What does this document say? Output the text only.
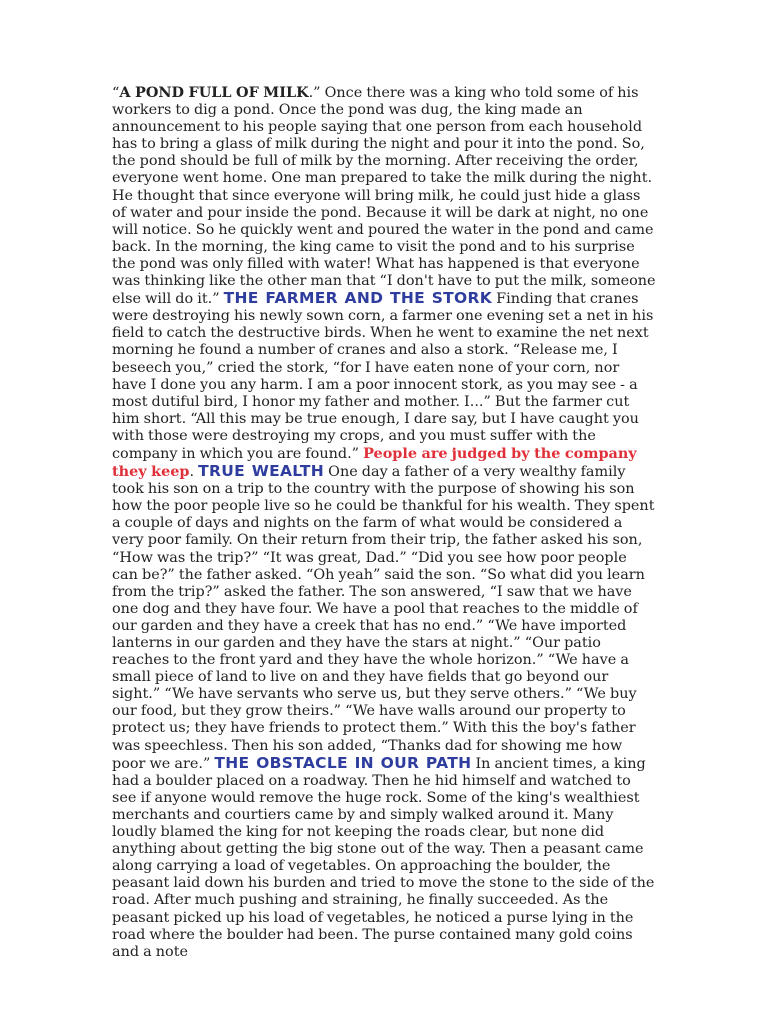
“A POND FULL OF MILK.” Once there was a king who told some of his workers to dig a pond. Once the pond was dug, the king made an announcement to his people saying that one person from each household has to bring a glass of milk during the night and pour it into the pond. So, the pond should be full of milk by the morning. After receiving the order, everyone went home. One man prepared to take the milk during the night. He thought that since everyone will bring milk, he could just hide a glass of water and pour inside the pond. Because it will be dark at night, no one will notice. So he quickly went and poured the water in the pond and came back. In the morning, the king came to visit the pond and to his surprise the pond was only filled with water! What has happened is that everyone was thinking like the other man that “I don't have to put the milk, someone else will do it.” THE FARMER AND THE STORK Finding that cranes were destroying his newly sown corn, a farmer one evening set a net in his field to catch the destructive birds. When he went to examine the net next morning he found a number of cranes and also a stork. “Release me, I beseech you,” cried the stork, “for I have eaten none of your corn, nor have I done you any harm. I am a poor innocent stork, as you may see - a most dutiful bird, I honor my father and mother. I...” But the farmer cut him short. “All this may be true enough, I dare say, but I have caught you with those were destroying my crops, and you must suffer with the company in which you are found.” People are judged by the company they keep. TRUE WEALTH One day a father of a very wealthy family took his son on a trip to the country with the purpose of showing his son how the poor people live so he could be thankful for his wealth. They spent a couple of days and nights on the farm of what would be considered a very poor family. On their return from their trip, the father asked his son, “How was the trip?” “It was great, Dad.” “Did you see how poor people can be?” the father asked. “Oh yeah” said the son. “So what did you learn from the trip?” asked the father. The son answered, “I saw that we have one dog and they have four. We have a pool that reaches to the middle of our garden and they have a creek that has no end.” “We have imported lanterns in our garden and they have the stars at night.” “Our patio reaches to the front yard and they have the whole horizon.” “We have a small piece of land to live on and they have fields that go beyond our sight.” “We have servants who serve us, but they serve others.” “We buy our food, but they grow theirs.” “We have walls around our property to protect us; they have friends to protect them.” With this the boy's father was speechless. Then his son added, “Thanks dad for showing me how poor we are.” THE OBSTACLE IN OUR PATH In ancient times, a king had a boulder placed on a roadway. Then he hid himself and watched to see if anyone would remove the huge rock. Some of the king's wealthiest merchants and courtiers came by and simply walked around it. Many loudly blamed the king for not keeping the roads clear, but none did anything about getting the big stone out of the way. Then a peasant came along carrying a load of vegetables. On approaching the boulder, the peasant laid down his burden and tried to move the stone to the side of the road. After much pushing and straining, he finally succeeded. As the peasant picked up his load of vegetables, he noticed a purse lying in the road where the boulder had been. The purse contained many gold coins and a note
